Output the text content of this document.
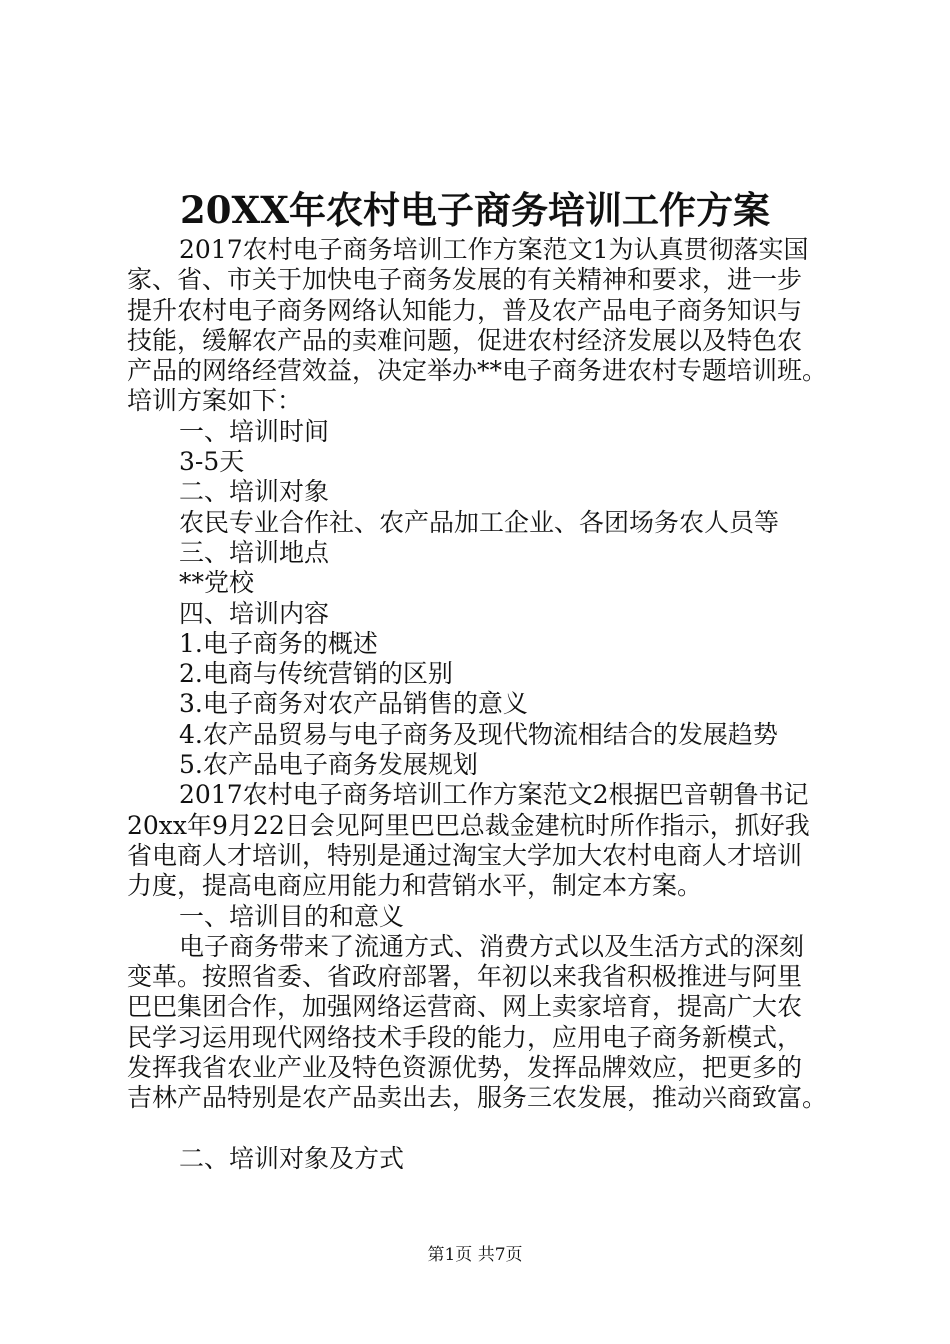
20XX年农村电子商务培训工作方案
2017农村电子商务培训工作方案范文1为认真贯彻落实国
家、省、市关于加快电子商务发展的有关精神和要求，进一步
提升农村电子商务网络认知能力，普及农产品电子商务知识与
技能，缓解农产品的卖难问题，促进农村经济发展以及特色农
产品的网络经营效益，决定举办**电子商务进农村专题培训班。
培训方案如下：
一、培训时间
3-5天
二、培训对象
农民专业合作社、农产品加工企业、各团场务农人员等
三、培训地点
**党校
四、培训内容
1.电子商务的概述
2.电商与传统营销的区别
3.电子商务对农产品销售的意义
4.农产品贸易与电子商务及现代物流相结合的发展趋势
5.农产品电子商务发展规划
2017农村电子商务培训工作方案范文2根据巴音朝鲁书记
20xx年9月22日会见阿里巴巴总裁金建杭时所作指示，抓好我
省电商人才培训，特别是通过淘宝大学加大农村电商人才培训
力度，提高电商应用能力和营销水平，制定本方案。
一、培训目的和意义
电子商务带来了流通方式、消费方式以及生活方式的深刻
变革。按照省委、省政府部署，年初以来我省积极推进与阿里
巴巴集团合作，加强网络运营商、网上卖家培育，提高广大农
民学习运用现代网络技术手段的能力，应用电子商务新模式，
发挥我省农业产业及特色资源优势，发挥品牌效应，把更多的
吉林产品特别是农产品卖出去，服务三农发展，推动兴商致富。
二、培训对象及方式
第1页 共7页
